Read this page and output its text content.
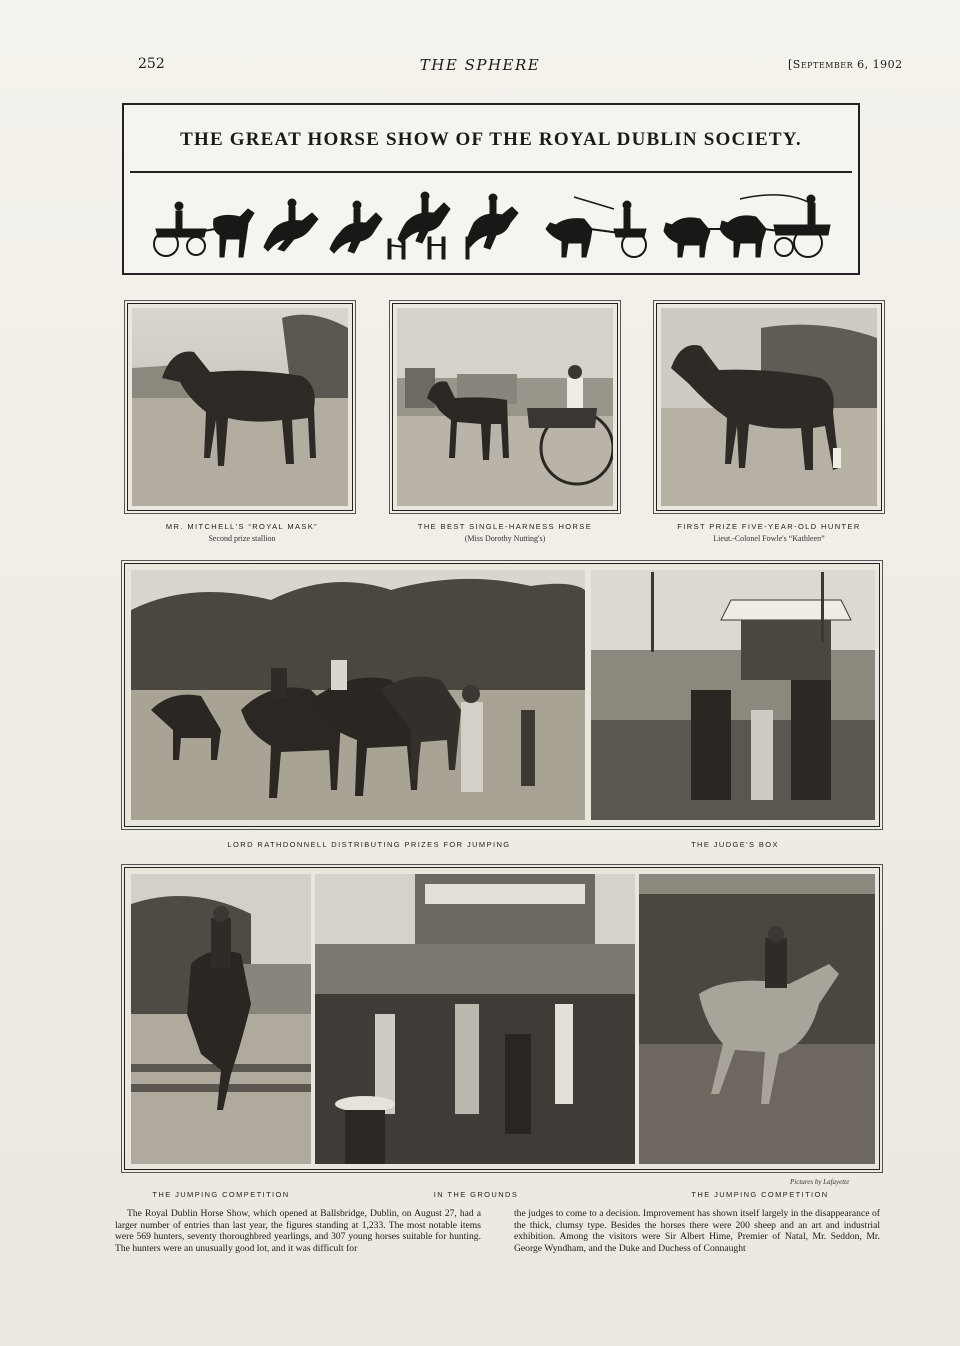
252	THE SPHERE	[September 6, 1902
THE GREAT HORSE SHOW OF THE ROYAL DUBLIN SOCIETY.
MR. MITCHELL'S “ROYAL MASK”
Second prize stallion
THE BEST SINGLE-HARNESS HORSE
(Miss Dorothy Nutting's)
FIRST PRIZE FIVE-YEAR-OLD HUNTER
Lieut.-Colonel Fowle's “Kathleen”
LORD RATHDONNELL DISTRIBUTING PRIZES FOR JUMPING	THE JUDGE'S BOX
THE JUMPING COMPETITION	IN THE GROUNDS	THE JUMPING COMPETITION
Pictures by Lafayette

The Royal Dublin Horse Show, which opened at Ballsbridge, Dublin, on August 27, had a larger number of entries than last year, the figures standing at 1,233. The most notable items were 569 hunters, seventy thoroughbred yearlings, and 307 young horses suitable for hunting. The hunters were an unusually good lot, and it was difficult for

the judges to come to a decision. Improvement has shown itself largely in the disappearance of the thick, clumsy type. Besides the horses there were 200 sheep and an art and industrial exhibition. Among the visitors were Sir Albert Hime, Premier of Natal, Mr. Seddon, Mr. George Wyndham, and the Duke and Duchess of Connaught
